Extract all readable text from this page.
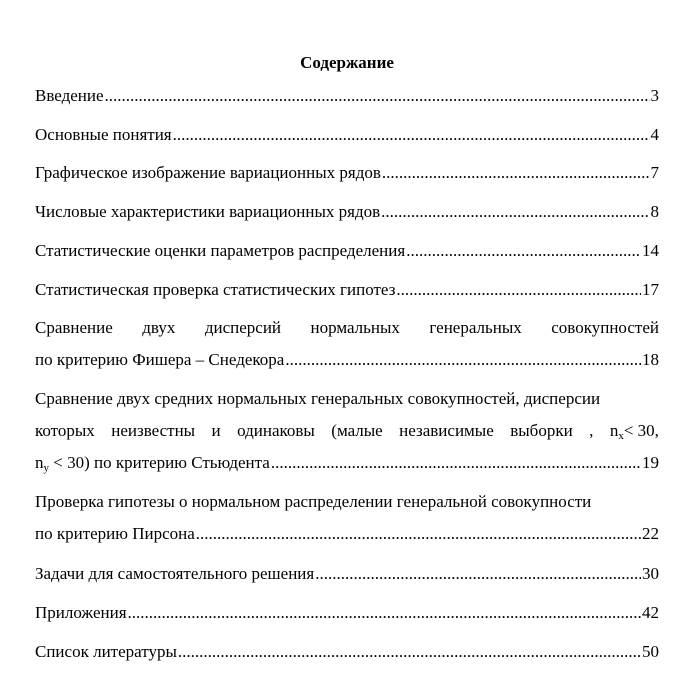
Содержание
Введение .....	3
Основные понятия .....	4
Графическое изображение вариационных рядов .....	7
Числовые характеристики вариационных рядов .....	8
Статистические оценки параметров распределения .....	14
Статистическая проверка статистических гипотез .....	17
Сравнение двух дисперсий нормальных генеральных совокупностей
по критерию Фишера – Снедекора .....	18
Сравнение двух средних нормальных генеральных совокупностей, дисперсии
которых неизвестны и одинаковы (малые независимые выборки , $n_x< 30$,
$n_y < 30$) по критерию Стьюдента .....	19
Проверка гипотезы о нормальном распределении генеральной совокупности
по критерию Пирсона .....	22
Задачи для самостоятельного решения .....	30
Приложения .....	42
Список литературы .....	50
